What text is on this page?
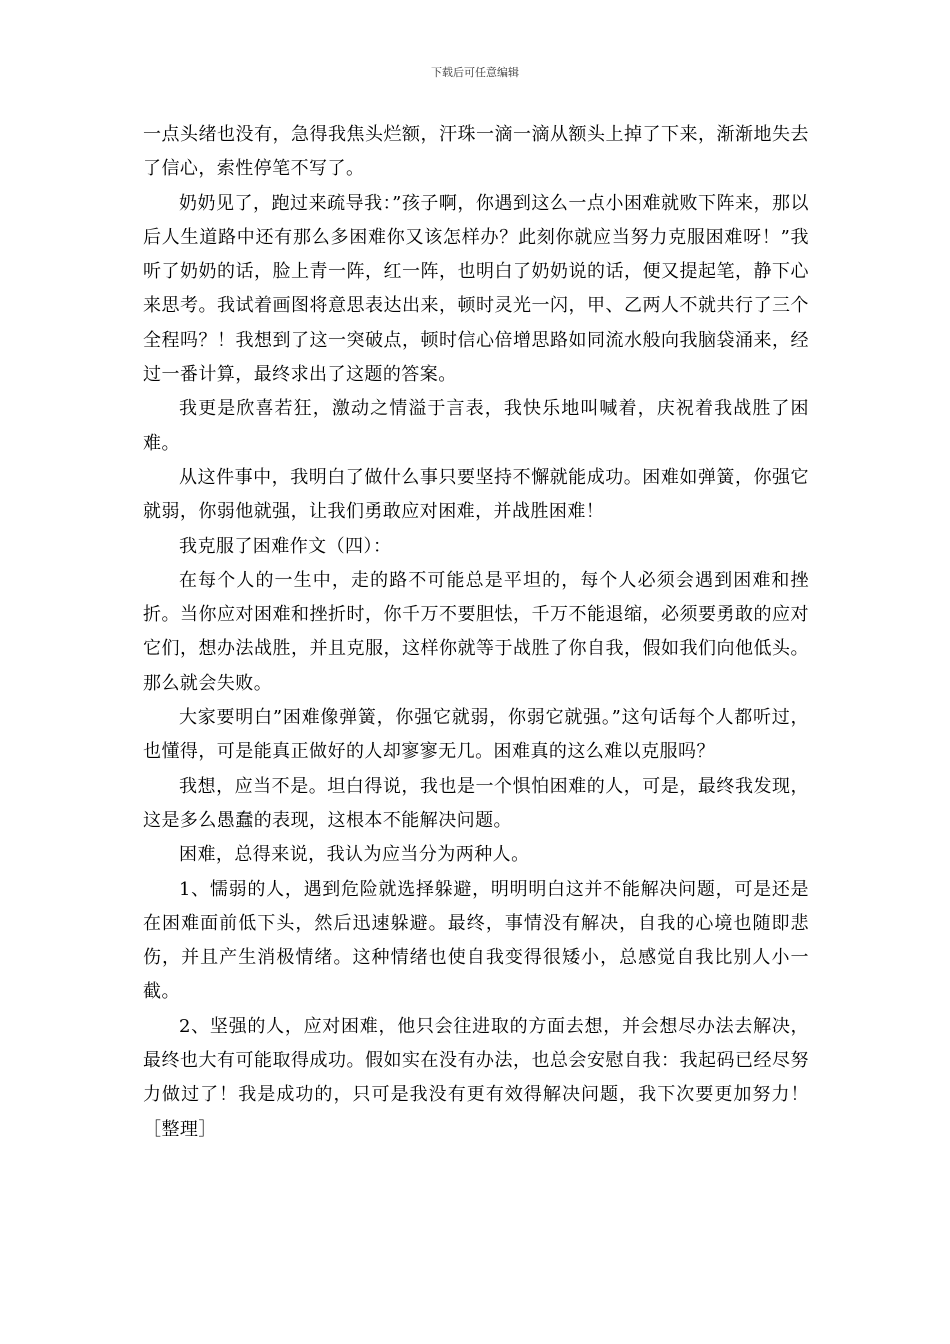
下载后可任意编辑

一点头绪也没有，急得我焦头烂额，汗珠一滴一滴从额头上掉了下来，渐渐地失去了信心，索性停笔不写了。

奶奶见了，跑过来疏导我：”孩子啊，你遇到这么一点小困难就败下阵来，那以后人生道路中还有那么多困难你又该怎样办？此刻你就应当努力克服困难呀！”我听了奶奶的话，脸上青一阵，红一阵，也明白了奶奶说的话，便又提起笔，静下心来思考。我试着画图将意思表达出来，顿时灵光一闪，甲、乙两人不就共行了三个全程吗？！我想到了这一突破点，顿时信心倍增思路如同流水般向我脑袋涌来，经过一番计算，最终求出了这题的答案。

我更是欣喜若狂，激动之情溢于言表，我快乐地叫喊着，庆祝着我战胜了困难。

从这件事中，我明白了做什么事只要坚持不懈就能成功。困难如弹簧，你强它就弱，你弱他就强，让我们勇敢应对困难，并战胜困难！

我克服了困难作文（四）：

在每个人的一生中，走的路不可能总是平坦的，每个人必须会遇到困难和挫折。当你应对困难和挫折时，你千万不要胆怯，千万不能退缩，必须要勇敢的应对它们，想办法战胜，并且克服，这样你就等于战胜了你自我，假如我们向他低头。那么就会失败。

大家要明白”困难像弹簧，你强它就弱，你弱它就强。”这句话每个人都听过，也懂得，可是能真正做好的人却寥寥无几。困难真的这么难以克服吗？

我想，应当不是。坦白得说，我也是一个惧怕困难的人，可是，最终我发现，这是多么愚蠢的表现，这根本不能解决问题。

困难，总得来说，我认为应当分为两种人。

1、懦弱的人，遇到危险就选择躲避，明明明白这并不能解决问题，可是还是在困难面前低下头，然后迅速躲避。最终，事情没有解决，自我的心境也随即悲伤，并且产生消极情绪。这种情绪也使自我变得很矮小，总感觉自我比别人小一截。

2、坚强的人，应对困难，他只会往进取的方面去想，并会想尽办法去解决，最终也大有可能取得成功。假如实在没有办法，也总会安慰自我：我起码已经尽努力做过了！我是成功的，只可是我没有更有效得解决问题，我下次要更加努力！［整理］
